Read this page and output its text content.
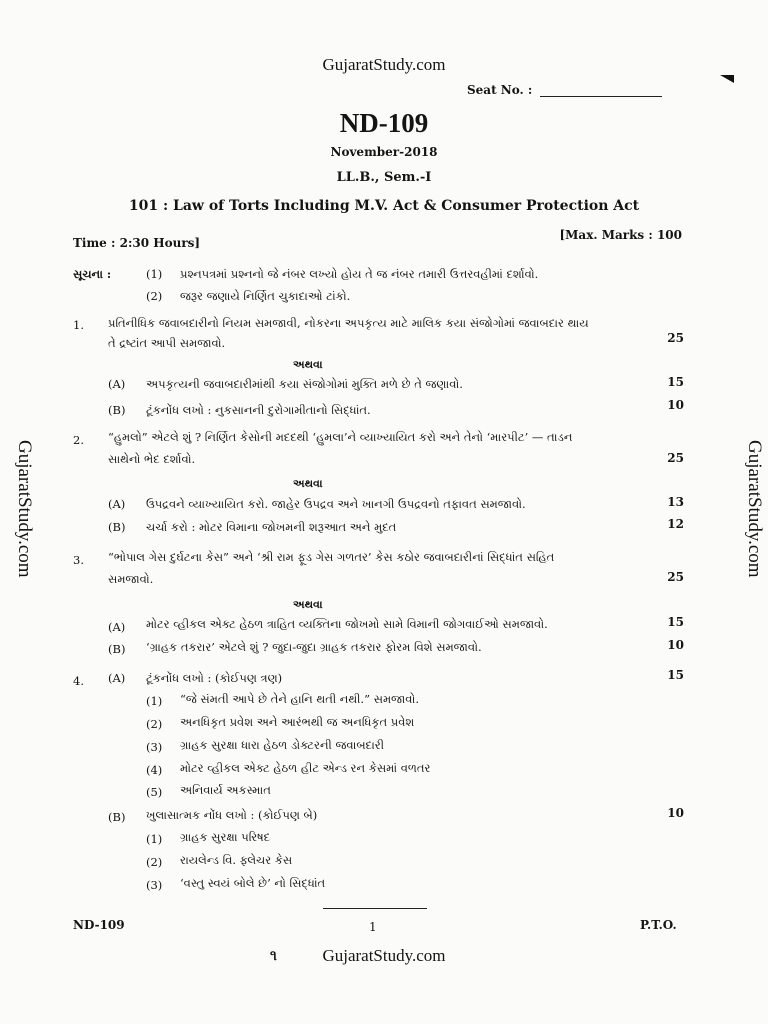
GujaratStudy.com
Seat No. :
ND-109
November-2018
LL.B., Sem.-I
101 : Law of Torts Including M.V. Act & Consumer Protection Act
Time : 2:30 Hours]
[Max. Marks : 100
GujaratStudy.com	GujaratStudy.com
સૂચના :	(1) પ્રશ્નપત્રમાં પ્રશ્નનો જે નંબર લખ્યો હોય તે જ નંબર તમારી ઉત્તરવહીમાં દર્શાવો.
(2) જરૂર જણાયે નિર્ણિત ચુકાદાઓ ટાંકો.
1. પ્રતિનીધિક જવાબદારીનો નિયમ સમજાવી, નોકરના અપકૃત્ય માટે માલિક કયા સંજોગોમાં જવાબદાર થાય
તે દ્રષ્ટાંત આપી સમજાવો.	25
અથવા
(A) અપકૃત્યની જવાબદારીમાંથી કયા સંજોગોમાં મુક્તિ મળે છે તે જણાવો.	15
(B) ટૂંકનોંધ લખો : નુકસાનની દુરોગામીતાનો સિદ્ધાંત.	10
2. “હુમલો” એટલે શું ? નિર્ણિત કેસોની મદદથી ‘હુમલા’ને વ્યાખ્યાયિત કરો અને તેનો ‘મારપીટ’ — તાડન
સાથેનો ભેદ દર્શાવો.	25
અથવા
(A) ઉપદ્રવને વ્યાખ્યાયિત કરો. જાહેર ઉપદ્રવ અને ખાનગી ઉપદ્રવનો તફાવત સમજાવો.	13
(B) ચર્ચા કરો : મોટર વિમાના જોખમની શરૂઆત અને મુદત	12
3. “ભોપાલ ગેસ દુર્ઘટના કેસ” અને ‘શ્રી રામ ફૂડ ગેસ ગળતર’ કેસ કઠોર જવાબદારીનાં સિદ્ધાંત સહિત
સમજાવો.	25
અથવા
(A) મોટર વ્હીકલ એક્ટ હેઠળ ત્રાહિત વ્યક્તિના જોખમો સામે વિમાની જોગવાઈઓ સમજાવો.	15
(B) ‘ગ્રાહક તકરાર’ એટલે શું ? જુદા-જુદા ગ્રાહક તકરાર ફોરમ વિશે સમજાવો.	10
4. (A) ટૂંકનોંધ લખો : (કોઈપણ ત્રણ)	15
(1) “જે સંમતી આપે છે તેને હાનિ થતી નથી.” સમજાવો.
(2) અનધિકૃત પ્રવેશ અને આરંભથી જ અનધિકૃત પ્રવેશ
(3) ગ્રાહક સુરક્ષા ધારા હેઠળ ડોક્ટરની જવાબદારી
(4) મોટર વ્હીકલ એક્ટ હેઠળ હીટ એન્ડ રન કેસમાં વળતર
(5) અનિવાર્ય અકસ્માત
(B) ખુલાસાત્મક નોંધ લખો : (કોઈપણ બે)	10
(1) ગ્રાહક સુરક્ષા પરિષદ
(2) રાયલેન્ડ વિ. ફ્લેચર કેસ
(3) ‘વસ્તુ સ્વયં બોલે છે’ નો સિદ્ધાંત
ND-109	1	P.T.O.
૧	GujaratStudy.com
